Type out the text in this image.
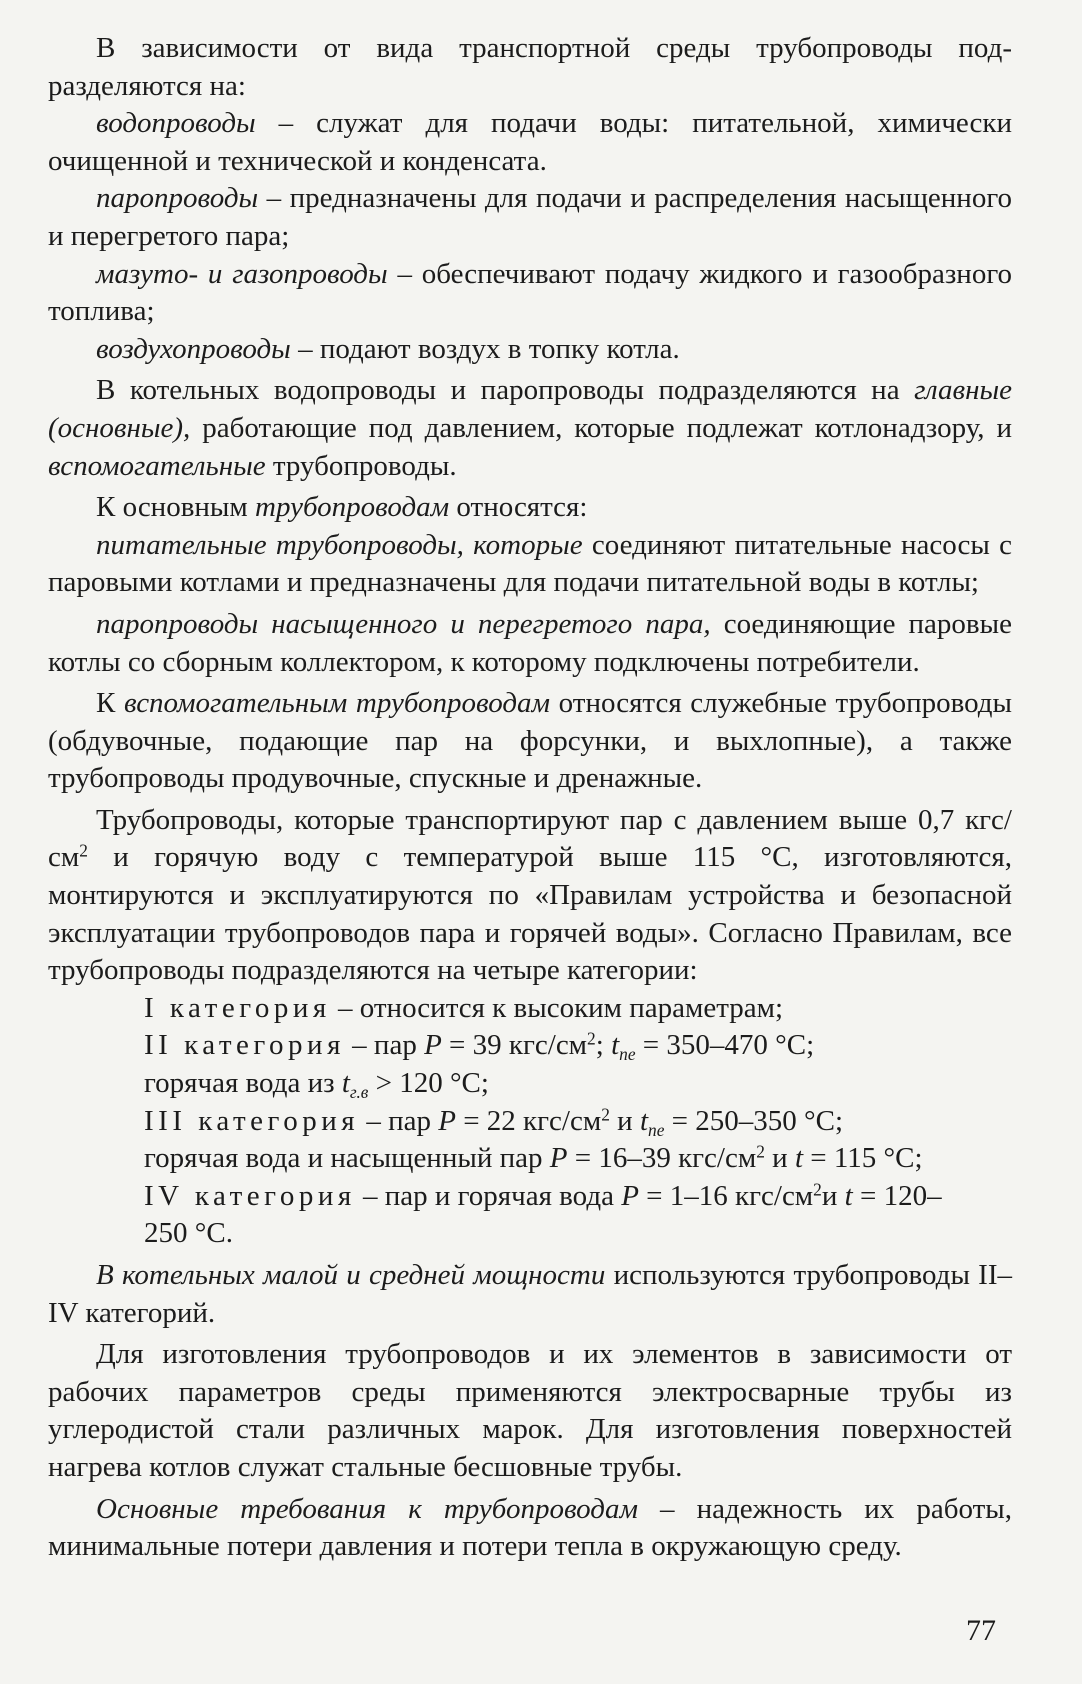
В зависимости от вида транспортной среды трубопроводы подразделяются на:

водопроводы – служат для подачи воды: питательной, химически очищенной и технической и конденсата.

паропроводы – предназначены для подачи и распределения насыщенного и перегретого пара;

мазуто- и газопроводы – обеспечивают подачу жидкого и газообразного топлива;

воздухопроводы – подают воздух в топку котла.

В котельных водопроводы и паропроводы подразделяются на главные (основные), работающие под давлением, которые подлежат котлонадзору, и вспомогательные трубопроводы.

К основным трубопроводам относятся:

питательные трубопроводы, которые соединяют питательные насосы с паровыми котлами и предназначены для подачи питательной воды в котлы;

паропроводы насыщенного и перегретого пара, соединяющие паровые котлы со сборным коллектором, к которому подключены потребители.

К вспомогательным трубопроводам относятся служебные трубопроводы (обдувочные, подающие пар на форсунки, и выхлопные), а также трубопроводы продувочные, спускные и дренажные.

Трубопроводы, которые транспортируют пар с давлением выше 0,7 кгс/$см^2$ и горячую воду с температурой выше 115 °С, изготовляются, монтируются и эксплуатируются по «Правилам устройства и безопасной эксплуатации трубопроводов пара и горячей воды». Согласно Правилам, все трубопроводы подразделяются на четыре категории:

I категория – относится к высоким параметрам;

II категория – пар P = 39 кгс/$см^2$; $t_{пе} = 350-470$ °С;

горячая вода из $t_{г.в} > 120$ °С;

III категория – пар P = 22 кгс/$см^2$ и $t_{пе} = 250-350$ °С;

горячая вода и насыщенный пар P = 16–39 кгс/$см^2$ и t = 115 °С;

IV категория – пар и горячая вода P = 1–16 кгс/$см^2и$ t = 120–

250 °С.

В котельных малой и средней мощности используются трубопроводы II–IV категорий.

Для изготовления трубопроводов и их элементов в зависимости от рабочих параметров среды применяются электросварные трубы из углеродистой стали различных марок. Для изготовления поверхностей нагрева котлов служат стальные бесшовные трубы.

Основные требования к трубопроводам – надежность их работы, минимальные потери давления и потери тепла в окружающую среду.

77
